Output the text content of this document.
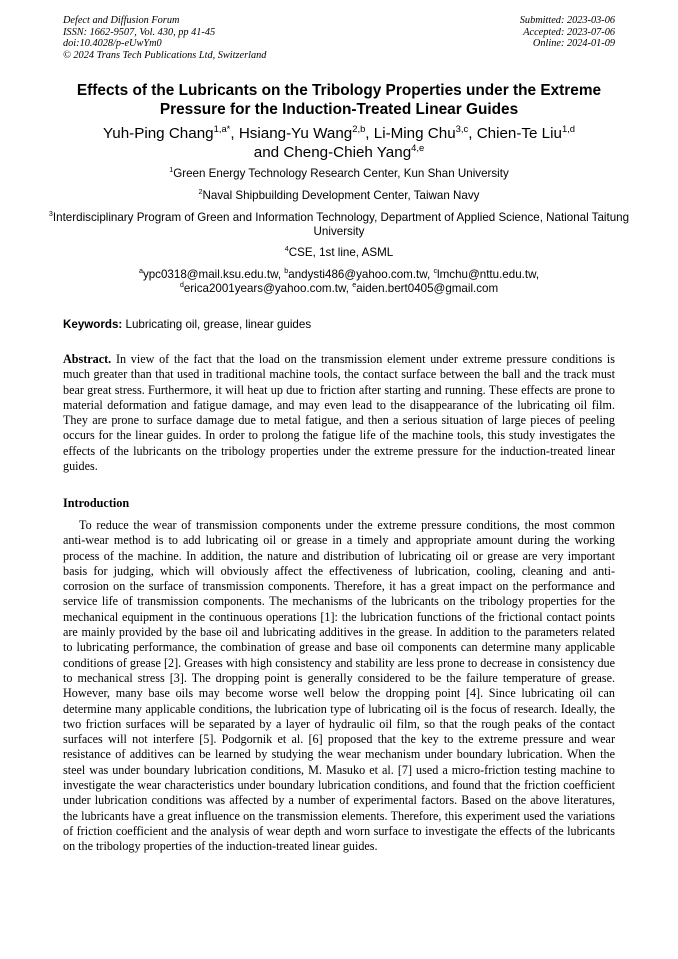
Defect and Diffusion Forum
ISSN: 1662-9507, Vol. 430, pp 41-45
doi:10.4028/p-eUwYm0
© 2024 Trans Tech Publications Ltd, Switzerland
Submitted: 2023-03-06
Accepted: 2023-07-06
Online: 2024-01-09
Effects of the Lubricants on the Tribology Properties under the Extreme
Pressure for the Induction-Treated Linear Guides
Yuh-Ping Chang$^{1,a*}$, Hsiang-Yu Wang$^{2,b}$, Li-Ming Chu$^{3,c}$, Chien-Te Liu$^{1,d}$
and Cheng-Chieh Yang$^{4,e}$
$^1$Green Energy Technology Research Center, Kun Shan University
$^2$Naval Shipbuilding Development Center, Taiwan Navy
$^3$Interdisciplinary Program of Green and Information Technology, Department of Applied Science, National Taitung University
$^4$CSE, 1st line, ASML
$^a$ypc0318@mail.ksu.edu.tw, $^b$andysti486@yahoo.com.tw, $^c$lmchu@nttu.edu.tw,
$^d$erica2001years@yahoo.com.tw, $^e$aiden.bert0405@gmail.com
Keywords: Lubricating oil, grease, linear guides
Abstract. In view of the fact that the load on the transmission element under extreme pressure conditions is much greater than that used in traditional machine tools, the contact surface between the ball and the track must bear great stress. Furthermore, it will heat up due to friction after starting and running. These effects are prone to material deformation and fatigue damage, and may even lead to the disappearance of the lubricating oil film. They are prone to surface damage due to metal fatigue, and then a serious situation of large pieces of peeling occurs for the linear guides. In order to prolong the fatigue life of the machine tools, this study investigates the effects of the lubricants on the tribology properties under the extreme pressure for the induction-treated linear guides.
Introduction
To reduce the wear of transmission components under the extreme pressure conditions, the most common anti-wear method is to add lubricating oil or grease in a timely and appropriate amount during the working process of the machine. In addition, the nature and distribution of lubricating oil or grease are very important basis for judging, which will obviously affect the effectiveness of lubrication, cooling, cleaning and anti-corrosion on the surface of transmission components. Therefore, it has a great impact on the performance and service life of transmission components. The mechanisms of the lubricants on the tribology properties for the mechanical equipment in the continuous operations [1]: the lubrication functions of the frictional contact points are mainly provided by the base oil and lubricating additives in the grease. In addition to the parameters related to lubricating performance, the combination of grease and base oil components can determine many applicable conditions of grease [2]. Greases with high consistency and stability are less prone to decrease in consistency due to mechanical stress [3]. The dropping point is generally considered to be the failure temperature of grease. However, many base oils may become worse well below the dropping point [4]. Since lubricating oil can determine many applicable conditions, the lubrication type of lubricating oil is the focus of research. Ideally, the two friction surfaces will be separated by a layer of hydraulic oil film, so that the rough peaks of the contact surfaces will not interfere [5]. Podgornik et al. [6] proposed that the key to the extreme pressure and wear resistance of additives can be learned by studying the wear mechanism under boundary lubrication. When the steel was under boundary lubrication conditions, M. Masuko et al. [7] used a micro-friction testing machine to investigate the wear characteristics under boundary lubrication conditions, and found that the friction coefficient under lubrication conditions was affected by a number of experimental factors. Based on the above literatures, the lubricants have a great influence on the transmission elements. Therefore, this experiment used the variations of friction coefficient and the analysis of wear depth and worn surface to investigate the effects of the lubricants on the tribology properties of the induction-treated linear guides.
